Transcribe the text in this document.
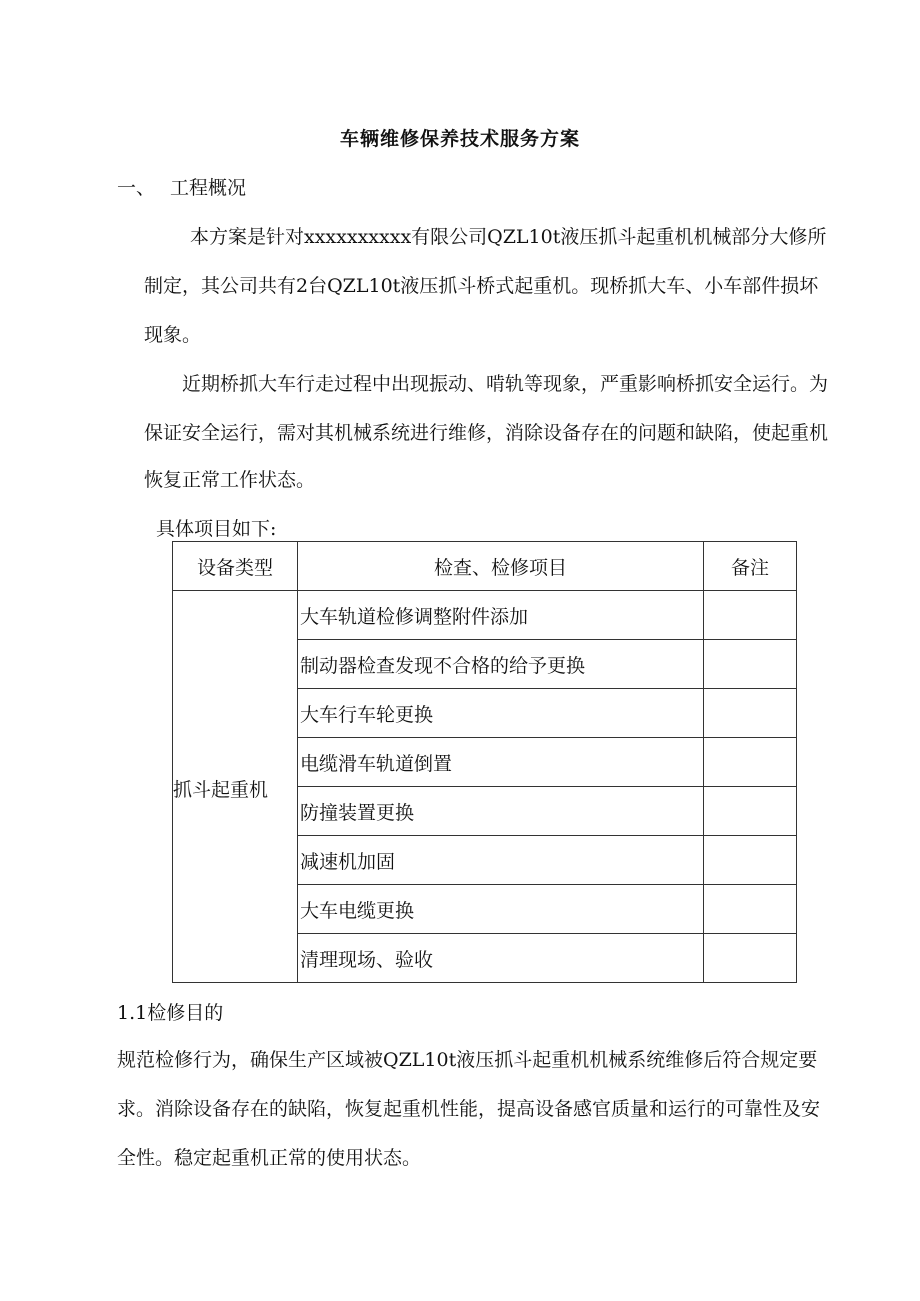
车辆维修保养技术服务方案
一、 工程概况
本方案是针对xxxxxxxxxx有限公司QZL10t液压抓斗起重机机械部分大修所
制定，其公司共有2台QZL10t液压抓斗桥式起重机。现桥抓大车、小车部件损坏
现象。
近期桥抓大车行走过程中出现振动、啃轨等现象，严重影响桥抓安全运行。为
保证安全运行，需对其机械系统进行维修，消除设备存在的问题和缺陷，使起重机
恢复正常工作状态。
具体项目如下:
设备类型	检查、检修项目	备注
抓斗起重机	大车轨道检修调整附件添加	
	制动器检查发现不合格的给予更换	
	大车行车轮更换	
	电缆滑车轨道倒置	
	防撞装置更换	
	减速机加固	
	大车电缆更换	
	清理现场、验收	
1.1检修目的
规范检修行为，确保生产区域被QZL10t液压抓斗起重机机械系统维修后符合规定要
求。消除设备存在的缺陷，恢复起重机性能，提高设备感官质量和运行的可靠性及安
全性。稳定起重机正常的使用状态。
